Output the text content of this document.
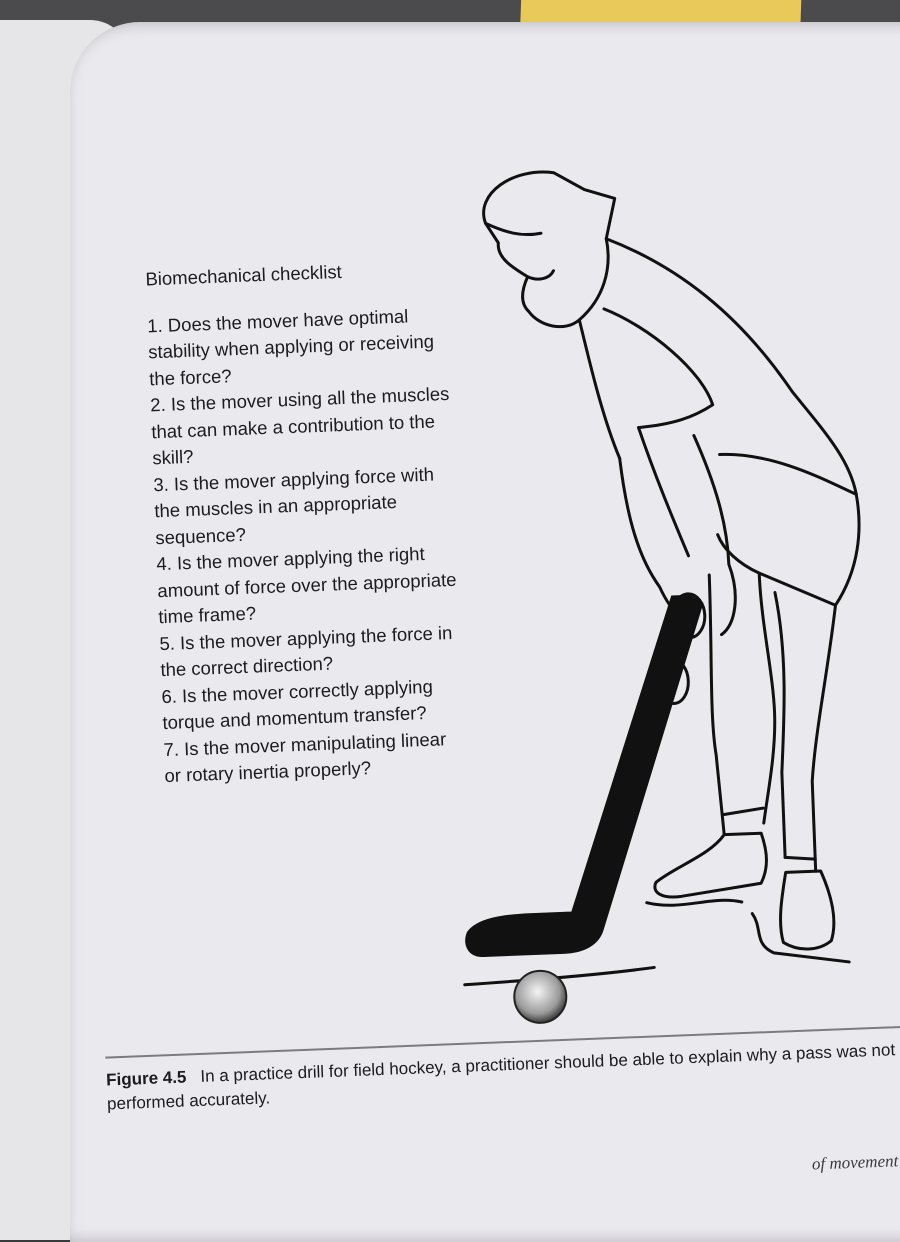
Biomechanical checklist
1. Does the mover have optimal stability when applying or receiving the force?
2. Is the mover using all the muscles that can make a contribution to the skill?
3. Is the mover applying force with the muscles in an appropriate sequence?
4. Is the mover applying the right amount of force over the appropriate time frame?
5. Is the mover applying the force in the correct direction?
6. Is the mover correctly applying torque and momentum transfer?
7. Is the mover manipulating linear or rotary inertia properly?
Figure 4.5 In a practice drill for field hockey, a practitioner should be able to explain why a pass was not performed accurately.
of movement
